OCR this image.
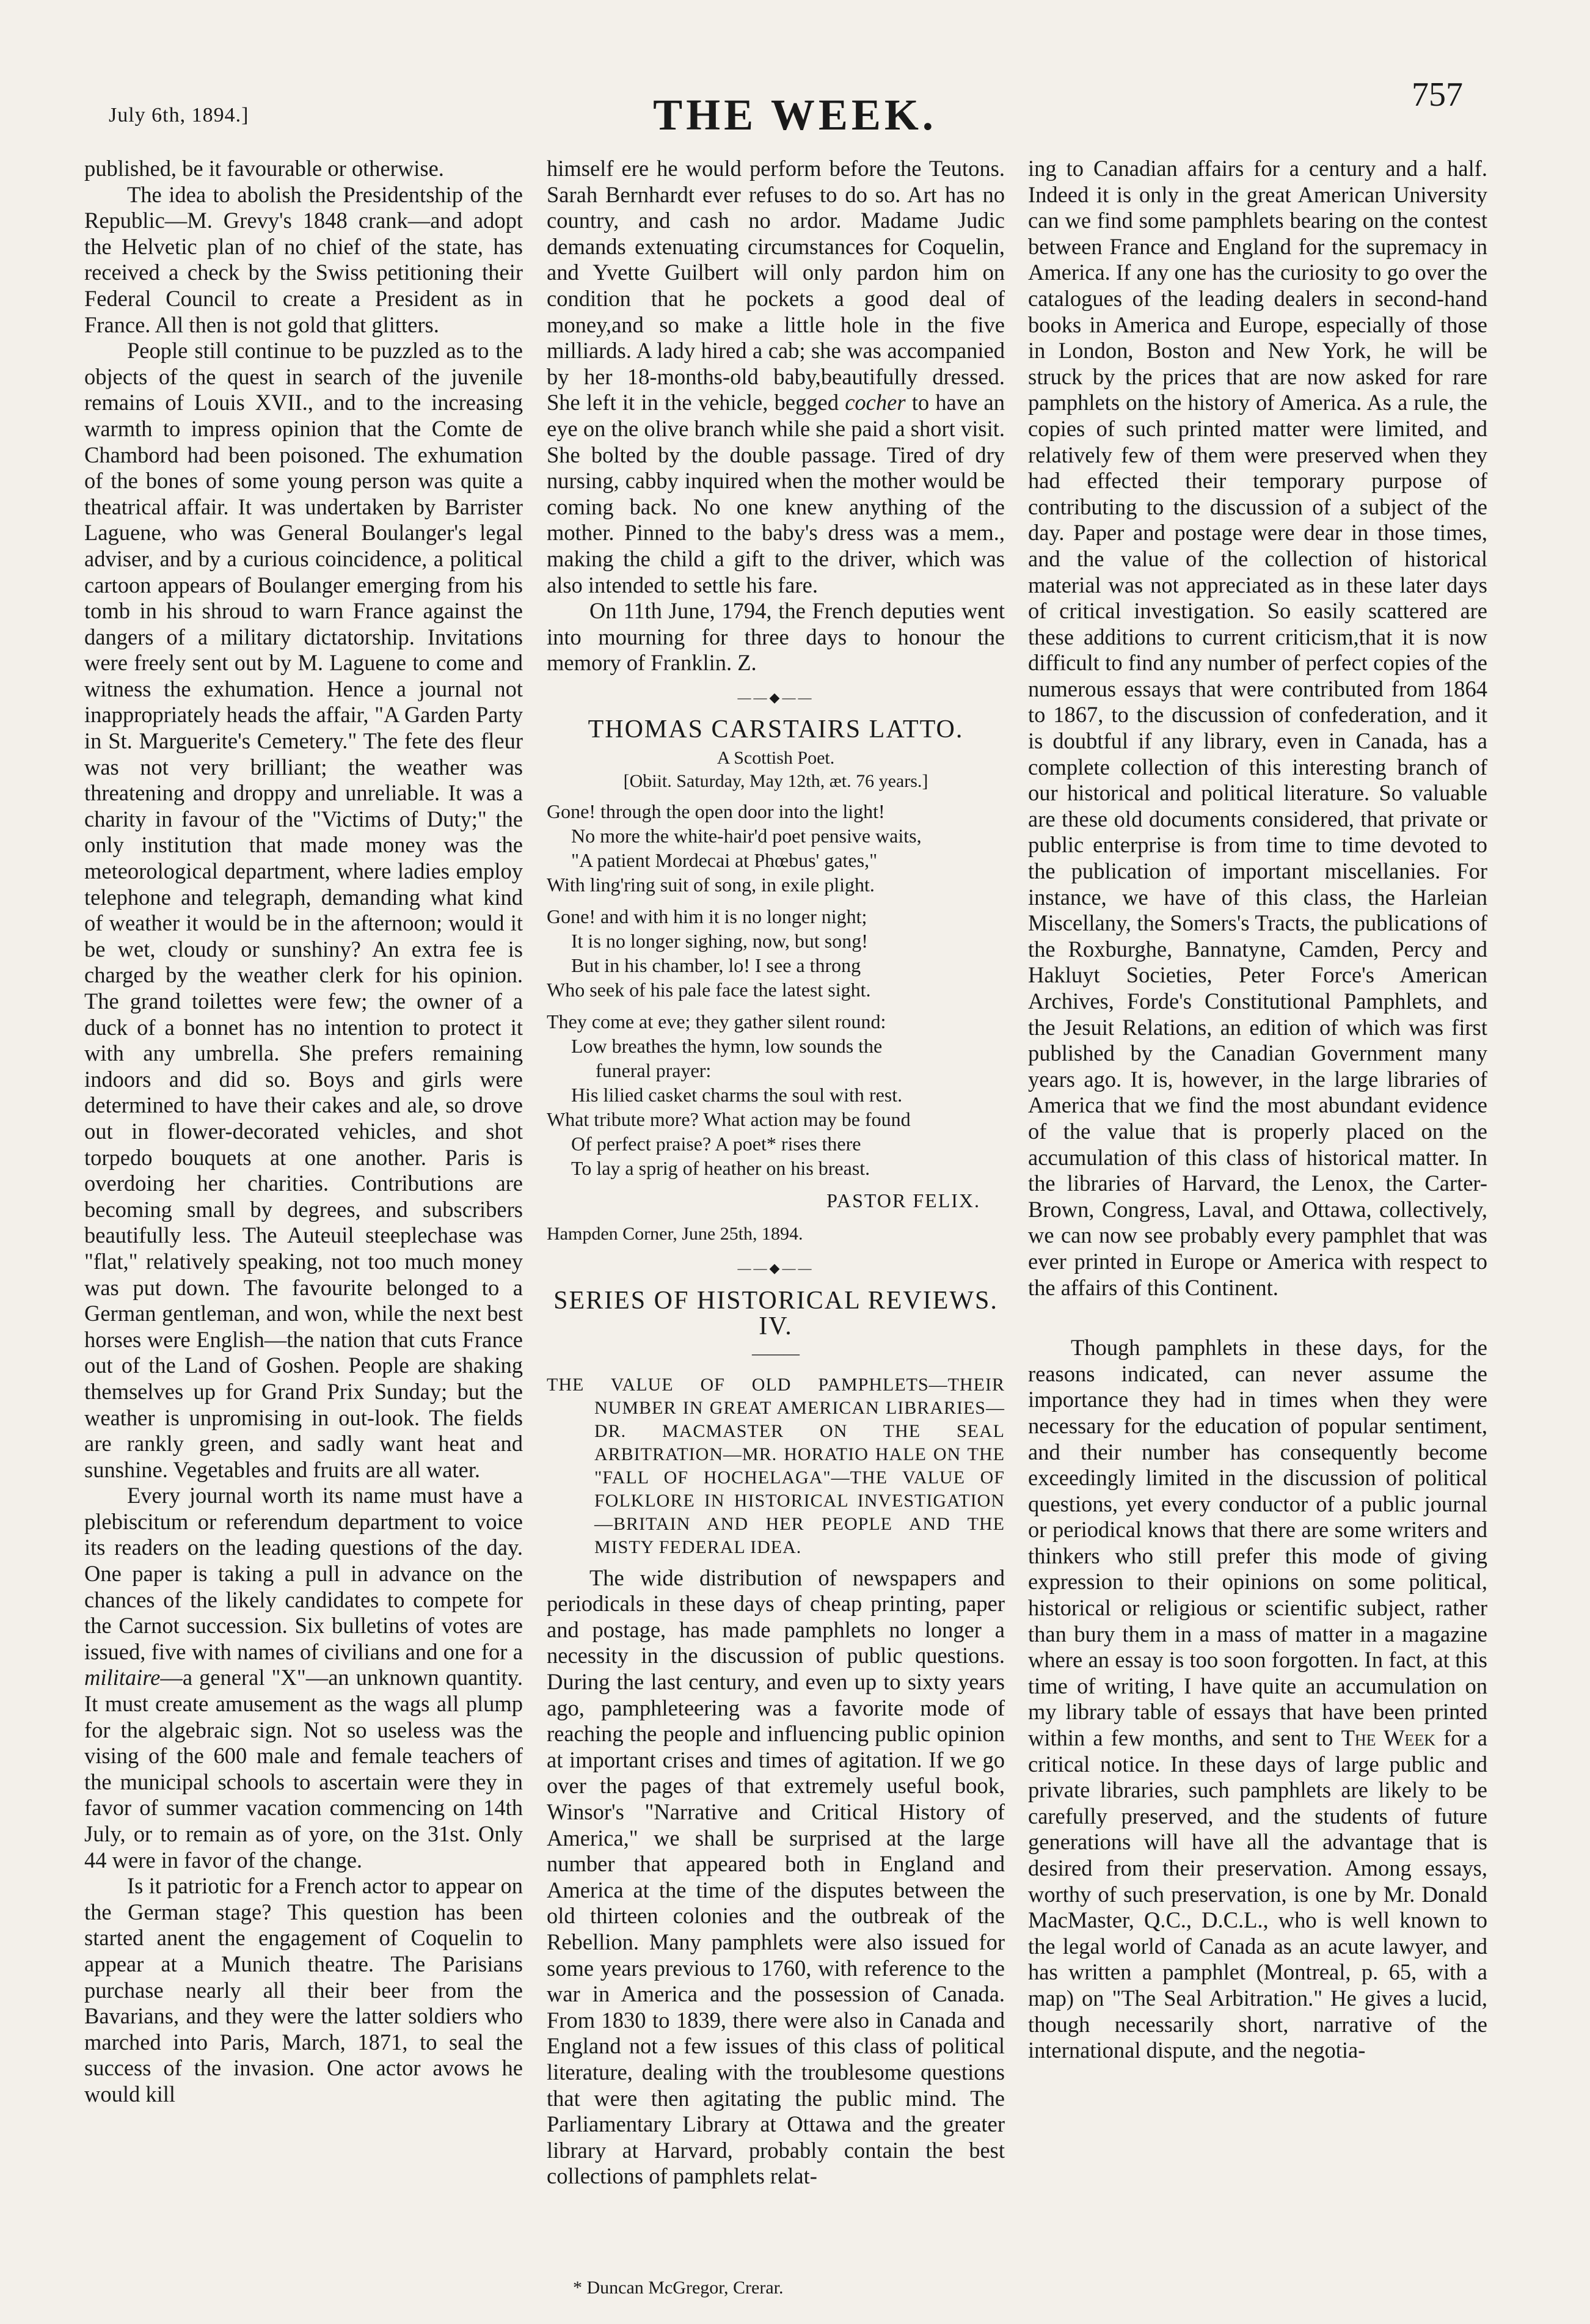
July 6th, 1894.]	THE WEEK.	757

published, be it favourable or otherwise.

The idea to abolish the Presidentship of the Republic—M. Grevy's 1848 crank—and adopt the Helvetic plan of no chief of the state, has received a check by the Swiss petitioning their Federal Council to create a President as in France. All then is not gold that glitters.

People still continue to be puzzled as to the objects of the quest in search of the juvenile remains of Louis XVII., and to the increasing warmth to impress opinion that the Comte de Chambord had been poisoned. The exhumation of the bones of some young person was quite a theatrical affair. It was undertaken by Barrister Laguene, who was General Boulanger's legal adviser, and by a curious coincidence, a political cartoon appears of Boulanger emerging from his tomb in his shroud to warn France against the dangers of a military dictatorship. Invitations were freely sent out by M. Laguene to come and witness the exhumation. Hence a journal not inappropriately heads the affair, "A Garden Party in St. Marguerite's Cemetery." The fete des fleur was not very brilliant; the weather was threatening and droppy and unreliable. It was a charity in favour of the "Victims of Duty;" the only institution that made money was the meteorological department, where ladies employ telephone and telegraph, demanding what kind of weather it would be in the afternoon; would it be wet, cloudy or sunshiny? An extra fee is charged by the weather clerk for his opinion. The grand toilettes were few; the owner of a duck of a bonnet has no intention to protect it with any umbrella. She prefers remaining indoors and did so. Boys and girls were determined to have their cakes and ale, so drove out in flower-decorated vehicles, and shot torpedo bouquets at one another. Paris is overdoing her charities. Contributions are becoming small by degrees, and subscribers beautifully less. The Auteuil steeplechase was "flat," relatively speaking, not too much money was put down. The favourite belonged to a German gentleman, and won, while the next best horses were English—the nation that cuts France out of the Land of Goshen. People are shaking themselves up for Grand Prix Sunday; but the weather is unpromising in out-look. The fields are rankly green, and sadly want heat and sunshine. Vegetables and fruits are all water.

Every journal worth its name must have a plebiscitum or referendum department to voice its readers on the leading questions of the day. One paper is taking a pull in advance on the chances of the likely candidates to compete for the Carnot succession. Six bulletins of votes are issued, five with names of civilians and one for a militaire—a general "X"—an unknown quantity. It must create amusement as the wags all plump for the algebraic sign. Not so useless was the vising of the 600 male and female teachers of the municipal schools to ascertain were they in favor of summer vacation commencing on 14th July, or to remain as of yore, on the 31st. Only 44 were in favor of the change.

Is it patriotic for a French actor to appear on the German stage? This question has been started anent the engagement of Coquelin to appear at a Munich theatre. The Parisians purchase nearly all their beer from the Bavarians, and they were the latter soldiers who marched into Paris, March, 1871, to seal the success of the invasion. One actor avows he would kill

himself ere he would perform before the Teutons. Sarah Bernhardt ever refuses to do so. Art has no country, and cash no ardor. Madame Judic demands extenuating circumstances for Coquelin, and Yvette Guilbert will only pardon him on condition that he pockets a good deal of money,and so make a little hole in the five milliards. A lady hired a cab; she was accompanied by her 18-months-old baby,beautifully dressed. She left it in the vehicle, begged cocher to have an eye on the olive branch while she paid a short visit. She bolted by the double passage. Tired of dry nursing, cabby inquired when the mother would be coming back. No one knew anything of the mother. Pinned to the baby's dress was a mem., making the child a gift to the driver, which was also intended to settle his fare.

On 11th June, 1794, the French deputies went into mourning for three days to honour the memory of Franklin. Z.

——◆——
THOMAS CARSTAIRS LATTO.
A Scottish Poet.
[Obiit. Saturday, May 12th, æt. 76 years.]
Gone! through the open door into the light!
No more the white-hair'd poet pensive waits,
"A patient Mordecai at Phœbus' gates,"
With ling'ring suit of song, in exile plight.
Gone! and with him it is no longer night;
It is no longer sighing, now, but song!
But in his chamber, lo! I see a throng
Who seek of his pale face the latest sight.
They come at eve; they gather silent round:
Low breathes the hymn, low sounds the
funeral prayer:
His lilied casket charms the soul with rest.
What tribute more? What action may be found
Of perfect praise? A poet* rises there
To lay a sprig of heather on his breast.
PASTOR FELIX.
Hampden Corner, June 25th, 1894.
——◆——
SERIES OF HISTORICAL REVIEWS. IV.
———
THE VALUE OF OLD PAMPHLETS—THEIR NUMBER IN GREAT AMERICAN LIBRARIES—DR. MACMASTER ON THE SEAL ARBITRATION—MR. HORATIO HALE ON THE "FALL OF HOCHELAGA"—THE VALUE OF FOLKLORE IN HISTORICAL INVESTIGATION—BRITAIN AND HER PEOPLE AND THE MISTY FEDERAL IDEA.

The wide distribution of newspapers and periodicals in these days of cheap printing, paper and postage, has made pamphlets no longer a necessity in the discussion of public questions. During the last century, and even up to sixty years ago, pamphleteering was a favorite mode of reaching the people and influencing public opinion at important crises and times of agitation. If we go over the pages of that extremely useful book, Winsor's "Narrative and Critical History of America," we shall be surprised at the large number that appeared both in England and America at the time of the disputes between the old thirteen colonies and the outbreak of the Rebellion. Many pamphlets were also issued for some years previous to 1760, with reference to the war in America and the possession of Canada. From 1830 to 1839, there were also in Canada and England not a few issues of this class of political literature, dealing with the troublesome questions that were then agitating the public mind. The Parliamentary Library at Ottawa and the greater library at Harvard, probably contain the best collections of pamphlets relat-

* Duncan McGregor, Crerar.

ing to Canadian affairs for a century and a half. Indeed it is only in the great American University can we find some pamphlets bearing on the contest between France and England for the supremacy in America. If any one has the curiosity to go over the catalogues of the leading dealers in second-hand books in America and Europe, especially of those in London, Boston and New York, he will be struck by the prices that are now asked for rare pamphlets on the history of America. As a rule, the copies of such printed matter were limited, and relatively few of them were preserved when they had effected their temporary purpose of contributing to the discussion of a subject of the day. Paper and postage were dear in those times, and the value of the collection of historical material was not appreciated as in these later days of critical investigation. So easily scattered are these additions to current criticism,that it is now difficult to find any number of perfect copies of the numerous essays that were contributed from 1864 to 1867, to the discussion of confederation, and it is doubtful if any library, even in Canada, has a complete collection of this interesting branch of our historical and political literature. So valuable are these old documents considered, that private or public enterprise is from time to time devoted to the publication of important miscellanies. For instance, we have of this class, the Harleian Miscellany, the Somers's Tracts, the publications of the Roxburghe, Bannatyne, Camden, Percy and Hakluyt Societies, Peter Force's American Archives, Forde's Constitutional Pamphlets, and the Jesuit Relations, an edition of which was first published by the Canadian Government many years ago. It is, however, in the large libraries of America that we find the most abundant evidence of the value that is properly placed on the accumulation of this class of historical matter. In the libraries of Harvard, the Lenox, the Carter-Brown, Congress, Laval, and Ottawa, collectively, we can now see probably every pamphlet that was ever printed in Europe or America with respect to the affairs of this Continent.

Though pamphlets in these days, for the reasons indicated, can never assume the importance they had in times when they were necessary for the education of popular sentiment, and their number has consequently become exceedingly limited in the discussion of political questions, yet every conductor of a public journal or periodical knows that there are some writers and thinkers who still prefer this mode of giving expression to their opinions on some political, historical or religious or scientific subject, rather than bury them in a mass of matter in a magazine where an essay is too soon forgotten. In fact, at this time of writing, I have quite an accumulation on my library table of essays that have been printed within a few months, and sent to The Week for a critical notice. In these days of large public and private libraries, such pamphlets are likely to be carefully preserved, and the students of future generations will have all the advantage that is desired from their preservation. Among essays, worthy of such preservation, is one by Mr. Donald MacMaster, Q.C., D.C.L., who is well known to the legal world of Canada as an acute lawyer, and has written a pamphlet (Montreal, p. 65, with a map) on "The Seal Arbitration." He gives a lucid, though necessarily short, narrative of the international dispute, and the negotia-
